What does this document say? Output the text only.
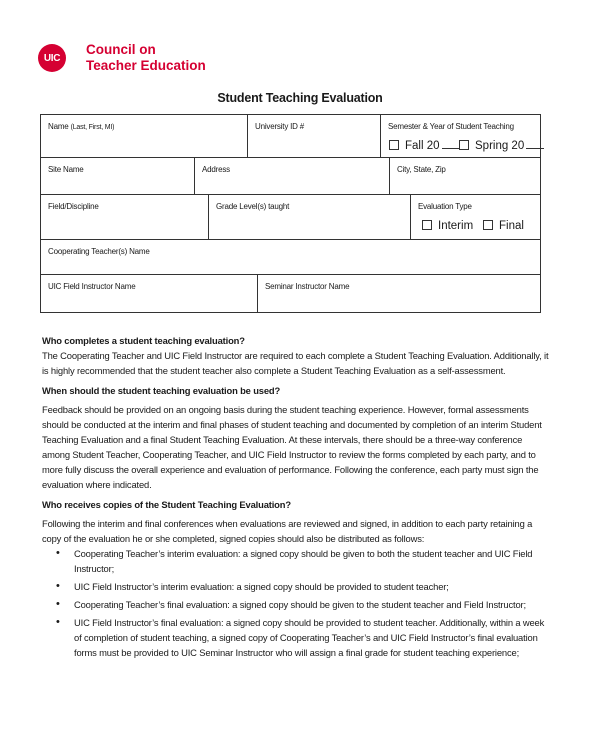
UIC
Council on
Teacher Education
Student Teaching Evaluation
Name (Last, First, MI)	University ID #	Semester & Year of Student Teaching
Fall 20	Spring 20
Site Name	Address	City, State, Zip
Field/Discipline	Grade Level(s) taught	Evaluation Type
Interim	Final
Cooperating Teacher(s) Name
UIC Field Instructor Name	Seminar Instructor Name
Who completes a student teaching evaluation?

The Cooperating Teacher and UIC Field Instructor are required to each complete a Student Teaching Evaluation. Additionally, it

is highly recommended that the student teacher also complete a Student Teaching Evaluation as a self-assessment.

When should the student teaching evaluation be used?

Feedback should be provided on an ongoing basis during the student teaching experience. However, formal assessments

should be conducted at the interim and final phases of student teaching and documented by completion of an interim Student

Teaching Evaluation and a final Student Teaching Evaluation. At these intervals, there should be a three-way conference

among Student Teacher, Cooperating Teacher, and UIC Field Instructor to review the forms completed by each party, and to

more fully discuss the overall experience and evaluation of performance. Following the conference, each party must sign the

evaluation where indicated.

Who receives copies of the Student Teaching Evaluation?

Following the interim and final conferences when evaluations are reviewed and signed, in addition to each party retaining a

copy of the evaluation he or she completed, signed copies should also be distributed as follows:

• Cooperating Teacher’s interim evaluation: a signed copy should be given to both the student teacher and UIC Field
Instructor;
• UIC Field Instructor’s interim evaluation: a signed copy should be provided to student teacher;
• Cooperating Teacher’s final evaluation: a signed copy should be given to the student teacher and Field Instructor;
• UIC Field Instructor’s final evaluation: a signed copy should be provided to student teacher. Additionally, within a week
of completion of student teaching, a signed copy of Cooperating Teacher’s and UIC Field Instructor’s final evaluation
forms must be provided to UIC Seminar Instructor who will assign a final grade for student teaching experience;
